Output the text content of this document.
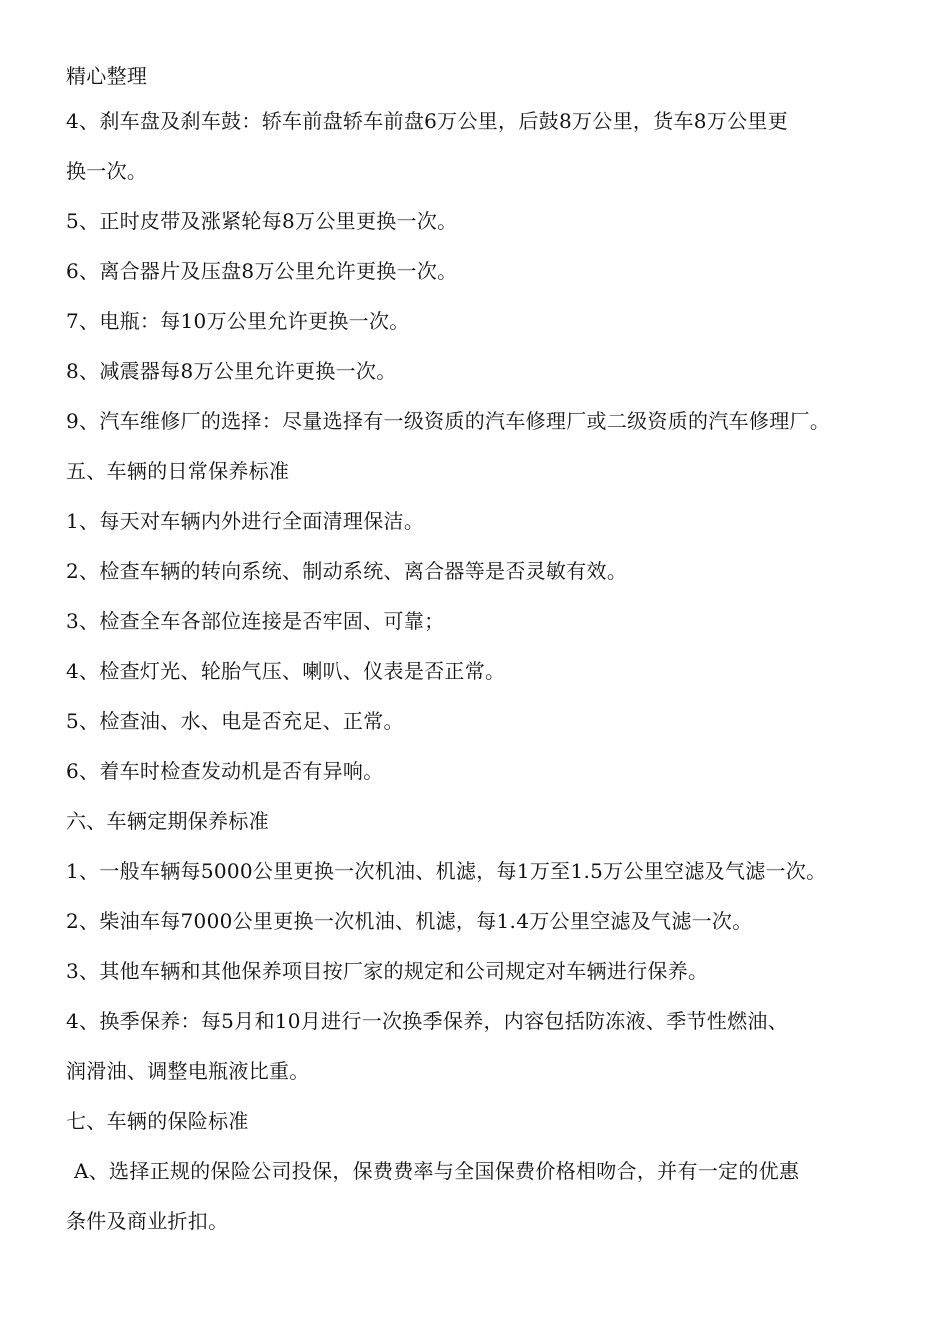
精心整理
4、刹车盘及刹车鼓：轿车前盘轿车前盘6万公里，后鼓8万公里，货车8万公里更
换一次。
5、正时皮带及涨紧轮每8万公里更换一次。
6、离合器片及压盘8万公里允许更换一次。
7、电瓶：每10万公里允许更换一次。
8、减震器每8万公里允许更换一次。
9、汽车维修厂的选择：尽量选择有一级资质的汽车修理厂或二级资质的汽车修理厂。
五、车辆的日常保养标准
1、每天对车辆内外进行全面清理保洁。
2、检查车辆的转向系统、制动系统、离合器等是否灵敏有效。
3、检查全车各部位连接是否牢固、可靠；
4、检查灯光、轮胎气压、喇叭、仪表是否正常。
5、检查油、水、电是否充足、正常。
6、着车时检查发动机是否有异响。
六、车辆定期保养标准
1、一般车辆每5000公里更换一次机油、机滤，每1万至1.5万公里空滤及气滤一次。
2、柴油车每7000公里更换一次机油、机滤，每1.4万公里空滤及气滤一次。
3、其他车辆和其他保养项目按厂家的规定和公司规定对车辆进行保养。
4、换季保养：每5月和10月进行一次换季保养，内容包括防冻液、季节性燃油、
润滑油、调整电瓶液比重。
七、车辆的保险标准
A、选择正规的保险公司投保，保费费率与全国保费价格相吻合，并有一定的优惠
条件及商业折扣。
